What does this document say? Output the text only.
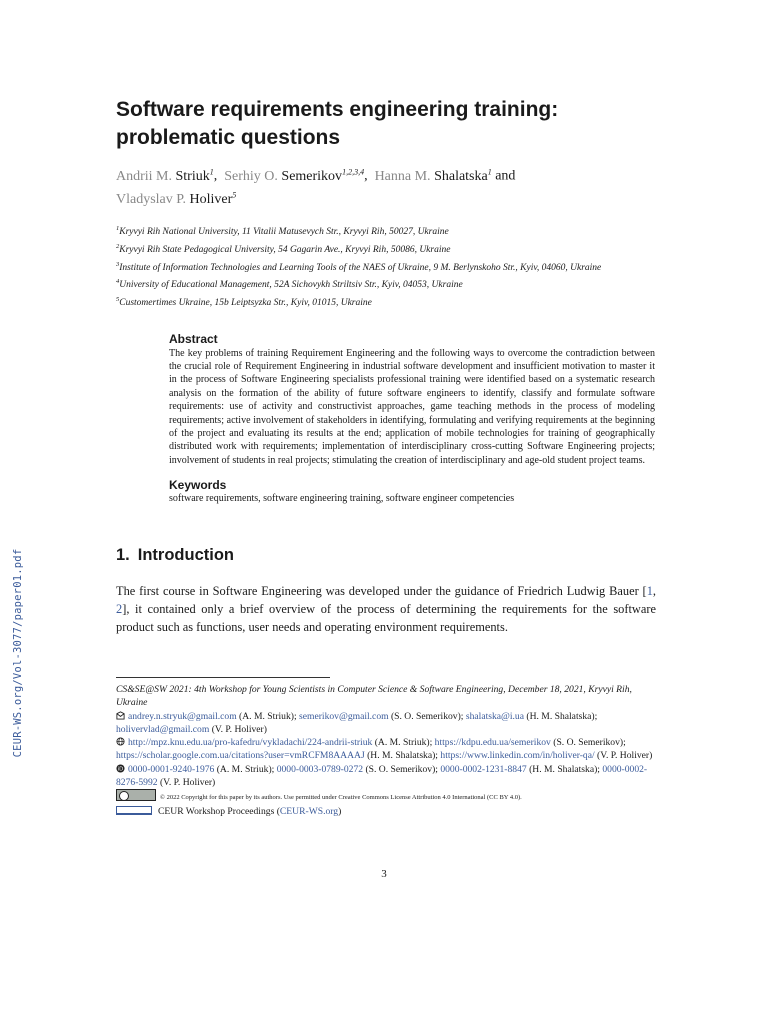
CEUR-WS.org/Vol-3077/paper01.pdf
Software requirements engineering training:
problematic questions
Andrii M. Striuk$^1$,  Serhiy O. Semerikov$^{1,2,3,4}$,  Hanna M. Shalatska$^1$ and
Vladyslav P. Holiver$^5$
$^1$Kryvyi Rih National University, 11 Vitalii Matusevych Str., Kryvyi Rih, 50027, Ukraine
$^2$Kryvyi Rih State Pedagogical University, 54 Gagarin Ave., Kryvyi Rih, 50086, Ukraine
$^3$Institute of Information Technologies and Learning Tools of the NAES of Ukraine, 9 M. Berlynskoho Str., Kyiv, 04060, Ukraine
$^4$University of Educational Management, 52A Sichovykh Striltsiv Str., Kyiv, 04053, Ukraine
$^5$Customertimes Ukraine, 15b Leiptsyzka Str., Kyiv, 01015, Ukraine
Abstract

The key problems of training Requirement Engineering and the following ways to overcome the contradiction between the crucial role of Requirement Engineering in industrial software development and insufficient motivation to master it in the process of Software Engineering specialists professional training were identified based on a systematic research analysis on the formation of the ability of future software engineers to identify, classify and formulate software requirements: use of activity and constructivist approaches, game teaching methods in the process of modeling requirements; active involvement of stakeholders in identifying, formulating and verifying requirements at the beginning of the project and evaluating its results at the end; application of mobile technologies for training of geographically distributed work with requirements; implementation of interdisciplinary cross-cutting Software Engineering projects; involvement of students in real projects; stimulating the creation of interdisciplinary and age-old student project teams.

Keywords

software requirements, software engineering training, software engineer competencies

1. Introduction

The first course in Software Engineering was developed under the guidance of Friedrich Ludwig Bauer [1, 2], it contained only a brief overview of the process of determining the requirements for the software product such as functions, user needs and operating environment requirements.

CS&SE@SW 2021: 4th Workshop for Young Scientists in Computer Science & Software Engineering, December 18, 2021, Kryvyi Rih, Ukraine
andrey.n.stryuk@gmail.com (A. M. Striuk); semerikov@gmail.com (S. O. Semerikov); shalatska@i.ua (H. M. Shalatska); holivervlad@gmail.com (V. P. Holiver)
http://mpz.knu.edu.ua/pro-kafedru/vykladachi/224-andrii-striuk (A. M. Striuk); https://kdpu.edu.ua/semerikov (S. O. Semerikov); https://scholar.google.com.ua/citations?user=vmRCFM8AAAAJ (H. M. Shalatska); https://www.linkedin.com/in/holiver-qa/ (V. P. Holiver)
iD 0000-0001-9240-1976 (A. M. Striuk); 0000-0003-0789-0272 (S. O. Semerikov); 0000-0002-1231-8847 (H. M. Shalatska); 0000-0002-8276-5992 (V. P. Holiver)
© 2022 Copyright for this paper by its authors. Use permitted under Creative Commons License Attribution 4.0 International (CC BY 4.0).
CEUR Workshop Proceedings (CEUR-WS.org)
3
